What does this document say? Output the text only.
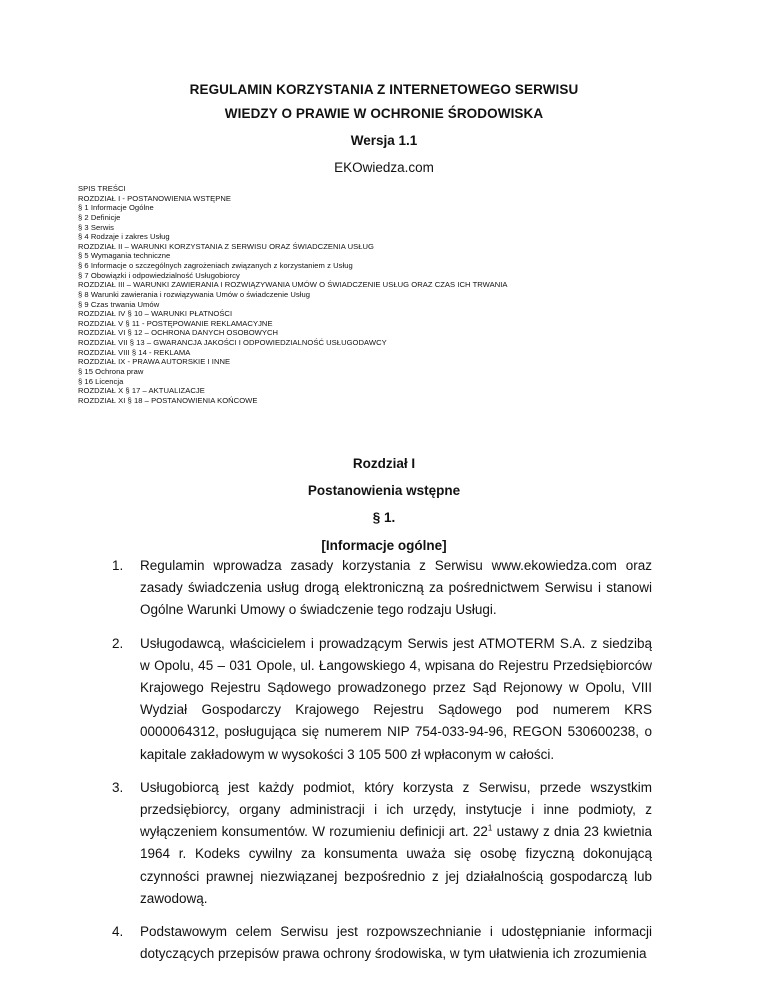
REGULAMIN KORZYSTANIA Z INTERNETOWEGO SERWISU
WIEDZY O PRAWIE W OCHRONIE ŚRODOWISKA
Wersja 1.1
EKOwiedza.com
SPIS TREŚCI
ROZDZIAŁ I - POSTANOWIENIA WSTĘPNE
§ 1 Informacje Ogólne
§ 2 Definicje
§ 3 Serwis
§ 4 Rodzaje i zakres Usług
ROZDZIAŁ II – WARUNKI KORZYSTANIA Z SERWISU ORAZ ŚWIADCZENIA USŁUG
§ 5 Wymagania techniczne
§ 6 Informacje o szczególnych zagrożeniach związanych z korzystaniem z Usług
§ 7 Obowiązki i odpowiedzialność Usługobiorcy
ROZDZIAŁ III – WARUNKI ZAWIERANIA I ROZWIĄZYWANIA UMÓW O ŚWIADCZENIE USŁUG ORAZ CZAS ICH TRWANIA
§ 8 Warunki zawierania i rozwiązywania Umów o świadczenie Usług
§ 9 Czas trwania Umów
ROZDZIAŁ IV § 10 – WARUNKI PŁATNOŚCI
ROZDZIAŁ V § 11 - POSTĘPOWANIE REKLAMACYJNE
ROZDZIAŁ VI § 12 – OCHRONA DANYCH OSOBOWYCH
ROZDZIAŁ VII § 13 – GWARANCJA JAKOŚCI I ODPOWIEDZIALNOŚĆ USŁUGODAWCY
ROZDZIAŁ VIII § 14 - REKLAMA
ROZDZIAŁ IX - PRAWA AUTORSKIE I INNE
§ 15 Ochrona praw
§ 16 Licencja
ROZDZIAŁ X § 17 – AKTUALIZACJE
ROZDZIAŁ XI § 18 – POSTANOWIENIA KOŃCOWE
Rozdział I
Postanowienia wstępne
§ 1.
[Informacje ogólne]
1. Regulamin wprowadza zasady korzystania z Serwisu www.ekowiedza.com oraz zasady świadczenia usług drogą elektroniczną za pośrednictwem Serwisu i stanowi Ogólne Warunki Umowy o świadczenie tego rodzaju Usługi.
2. Usługodawcą, właścicielem i prowadzącym Serwis jest ATMOTERM S.A. z siedzibą w Opolu, 45 – 031 Opole, ul. Łangowskiego 4, wpisana do Rejestru Przedsiębiorców Krajowego Rejestru Sądowego prowadzonego przez Sąd Rejonowy w Opolu, VIII Wydział Gospodarczy Krajowego Rejestru Sądowego pod numerem KRS 0000064312, posługująca się numerem NIP 754-033-94-96, REGON 530600238, o kapitale zakładowym w wysokości 3 105 500 zł wpłaconym w całości.
3. Usługobiorcą jest każdy podmiot, który korzysta z Serwisu, przede wszystkim przedsiębiorcy, organy administracji i ich urzędy, instytucje i inne podmioty, z wyłączeniem konsumentów. W rozumieniu definicji art. $22^1$ ustawy z dnia 23 kwietnia 1964 r. Kodeks cywilny za konsumenta uważa się osobę fizyczną dokonującą czynności prawnej niezwiązanej bezpośrednio z jej działalnością gospodarczą lub zawodową.
4. Podstawowym celem Serwisu jest rozpowszechnianie i udostępnianie informacji dotyczących przepisów prawa ochrony środowiska, w tym ułatwienia ich zrozumienia
